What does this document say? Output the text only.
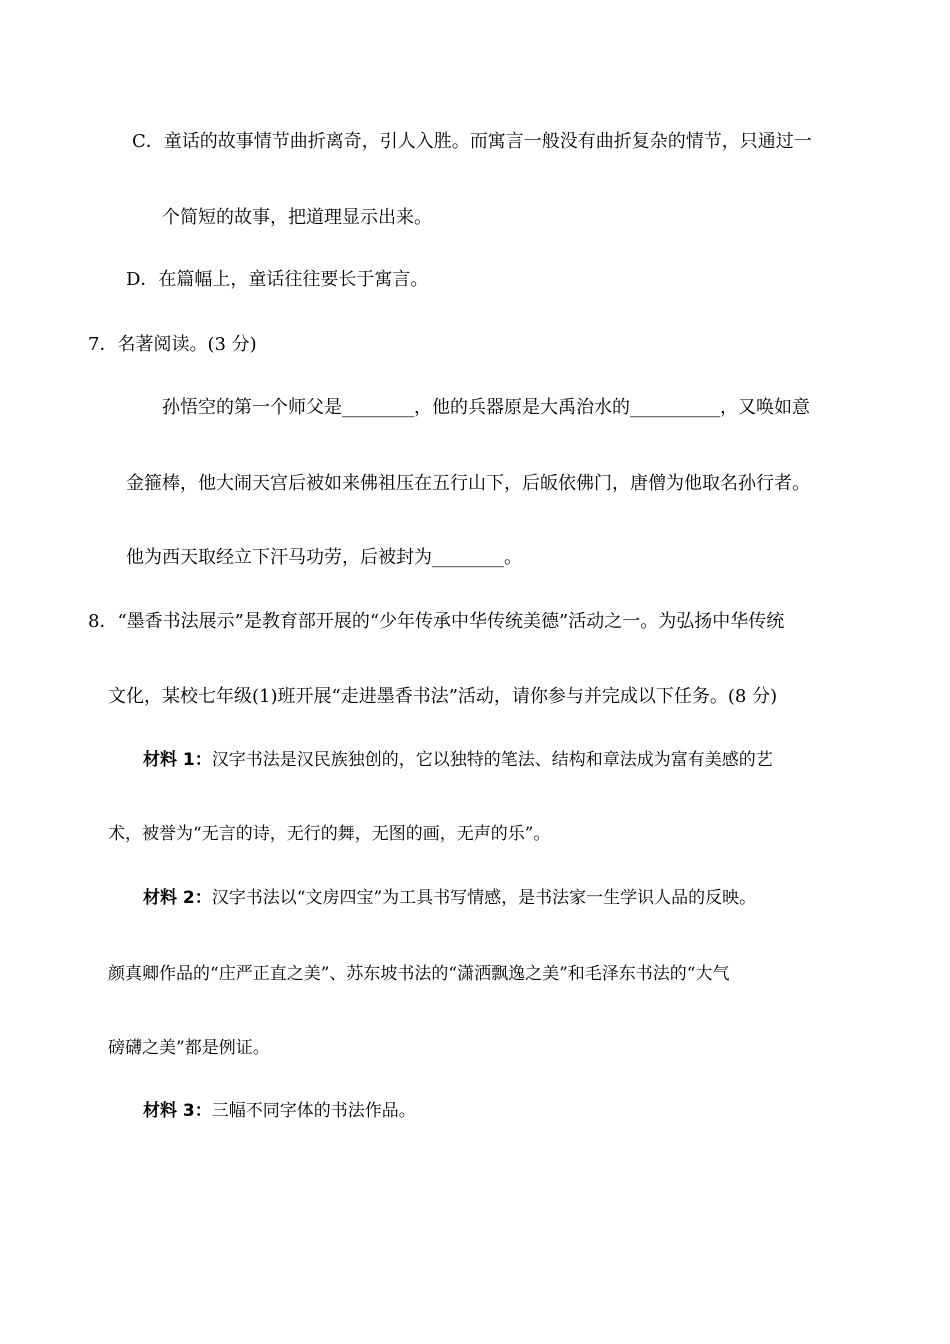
C．童话的故事情节曲折离奇，引人入胜。而寓言一般没有曲折复杂的情节，只通过一
个简短的故事，把道理显示出来。
D．在篇幅上，童话往往要长于寓言。
7．名著阅读。(3 分)
孙悟空的第一个师父是________，他的兵器原是大禹治水的__________，又唤如意
金箍棒，他大闹天宫后被如来佛祖压在五行山下，后皈依佛门，唐僧为他取名孙行者。
他为西天取经立下汗马功劳，后被封为________。
8．“墨香书法展示”是教育部开展的“少年传承中华传统美德”活动之一。为弘扬中华传统
文化，某校七年级(1)班开展“走进墨香书法”活动，请你参与并完成以下任务。(8 分)
材料 1：汉字书法是汉民族独创的，它以独特的笔法、结构和章法成为富有美感的艺
术，被誉为“无言的诗，无行的舞，无图的画，无声的乐”。
材料 2：汉字书法以“文房四宝”为工具书写情感，是书法家一生学识人品的反映。
颜真卿作品的“庄严正直之美”、苏东坡书法的“潇洒飘逸之美”和毛泽东书法的“大气
磅礴之美”都是例证。
材料 3：三幅不同字体的书法作品。
